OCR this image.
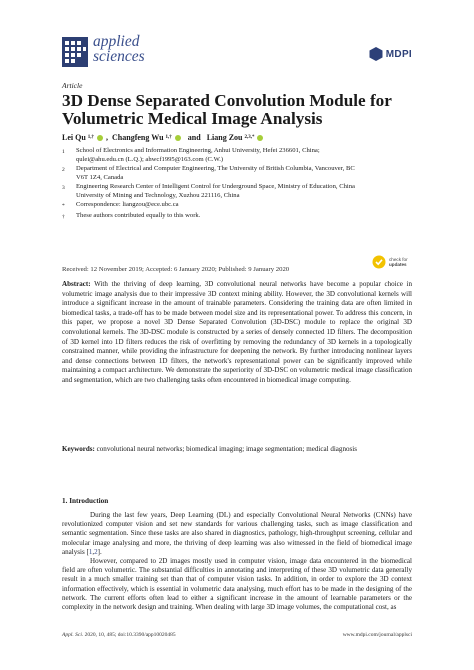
applied
sciences	MDPI
Article
3D Dense Separated Convolution Module for Volumetric Medical Image Analysis
Lei Qu 1,† , Changfeng Wu 1,†
and
Liang Zou 2,3,*
1	School of Electronics and Information Engineering, Anhui University, Hefei 236601, China; qulei@ahu.edu.cn (L.Q.); ahwcf1995@163.com (C.W.)
2	Department of Electrical and Computer Engineering, The University of British Columbia, Vancouver, BC V6T 1Z4, Canada
3	Engineering Research Center of Intelligent Control for Underground Space, Ministry of Education, China University of Mining and Technology, Xuzhou 221116, China
*	Correspondence: liangzou@ece.ubc.ca
†	These authors contributed equally to this work.
check for
updates
Received: 12 November 2019; Accepted: 6 January 2020; Published: 9 January 2020
Abstract: With the thriving of deep learning, 3D convolutional neural networks have become a popular choice in volumetric image analysis due to their impressive 3D context mining ability. However, the 3D convolutional kernels will introduce a significant increase in the amount of trainable parameters. Considering the training data are often limited in biomedical tasks, a trade-off has to be made between model size and its representational power. To address this concern, in this paper, we propose a novel 3D Dense Separated Convolution (3D-DSC) module to replace the original 3D convolutional kernels. The 3D-DSC module is constructed by a series of densely connected 1D filters. The decomposition of 3D kernel into 1D filters reduces the risk of overfitting by removing the redundancy of 3D kernels in a topologically constrained manner, while providing the infrastructure for deepening the network. By further introducing nonlinear layers and dense connections between 1D filters, the network's representational power can be significantly improved while maintaining a compact architecture. We demonstrate the superiority of 3D-DSC on volumetric medical image classification and segmentation, which are two challenging tasks often encountered in biomedical image computing.
Keywords: convolutional neural networks; biomedical imaging; image segmentation; medical diagnosis
1. Introduction

During the last few years, Deep Learning (DL) and especially Convolutional Neural Networks (CNNs) have revolutionized computer vision and set new standards for various challenging tasks, such as image classification and semantic segmentation. Since these tasks are also shared in diagnostics, pathology, high-throughput screening, cellular and molecular image analysing and more, the thriving of deep learning was also witnessed in the field of biomedical image analysis [1,2].

However, compared to 2D images mostly used in computer vision, image data encountered in the biomedical field are often volumetric. The substantial difficulties in annotating and interpreting of these 3D volumetric data generally result in a much smaller training set than that of computer vision tasks. In addition, in order to explore the 3D context information effectively, which is essential in volumetric data analysing, much effort has to be made in the designing of the network. The current efforts often lead to either a significant increase in the amount of learnable parameters or the complexity in the network design and training. When dealing with large 3D image volumes, the computational cost, as

Appl. Sci. 2020, 10, 485; doi:10.3390/app10020485	www.mdpi.com/journal/applsci
